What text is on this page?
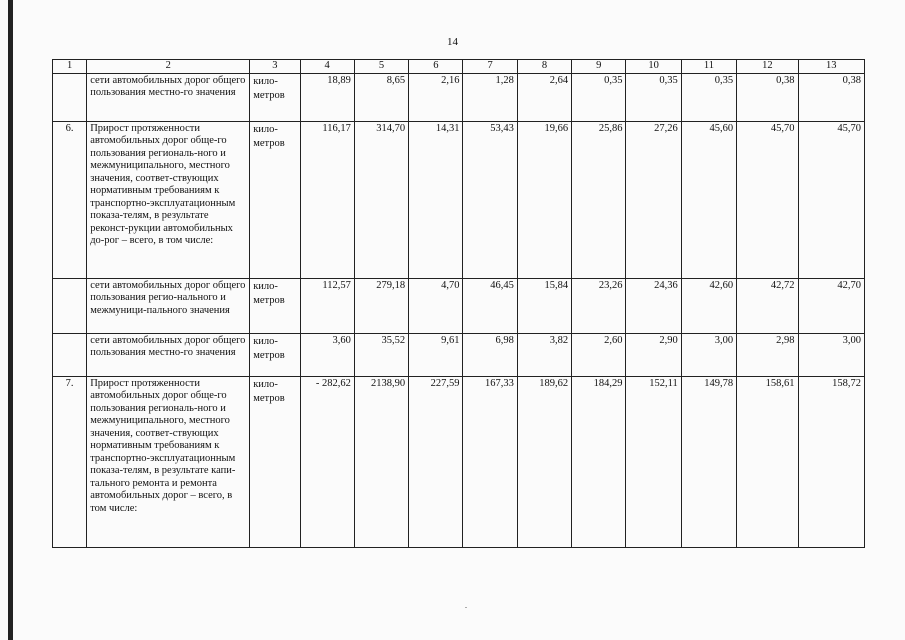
14
1	2	3	4	5	6	7	8	9	10	11	12	13
	сети автомобильных дорог общего пользования местно-го значения	кило-метров	18,89	8,65	2,16	1,28	2,64	0,35	0,35	0,35	0,38	0,38
6.	Прирост протяженности автомобильных дорог обще-го пользования региональ-ного и межмуниципального, местного значения, соответ-ствующих нормативным требованиям к транспортно-эксплуатационным показа-телям, в результате реконст-рукции автомобильных до-рог – всего, в том числе:	кило-метров	116,17	314,70	14,31	53,43	19,66	25,86	27,26	45,60	45,70	45,70
	сети автомобильных дорог общего пользования регио-нального и межмуници-пального значения	кило-метров	112,57	279,18	4,70	46,45	15,84	23,26	24,36	42,60	42,72	42,70
	сети автомобильных дорог общего пользования местно-го значения	кило-метров	3,60	35,52	9,61	6,98	3,82	2,60	2,90	3,00	2,98	3,00
7.	Прирост протяженности автомобильных дорог обще-го пользования региональ-ного и межмуниципального, местного значения, соответ-ствующих нормативным требованиям к транспортно-эксплуатационным показа-телям, в результате капи-тального ремонта и ремонта автомобильных дорог – всего, в том числе:	кило-метров	- 282,62	2138,90	227,59	167,33	189,62	184,29	152,11	149,78	158,61	158,72
